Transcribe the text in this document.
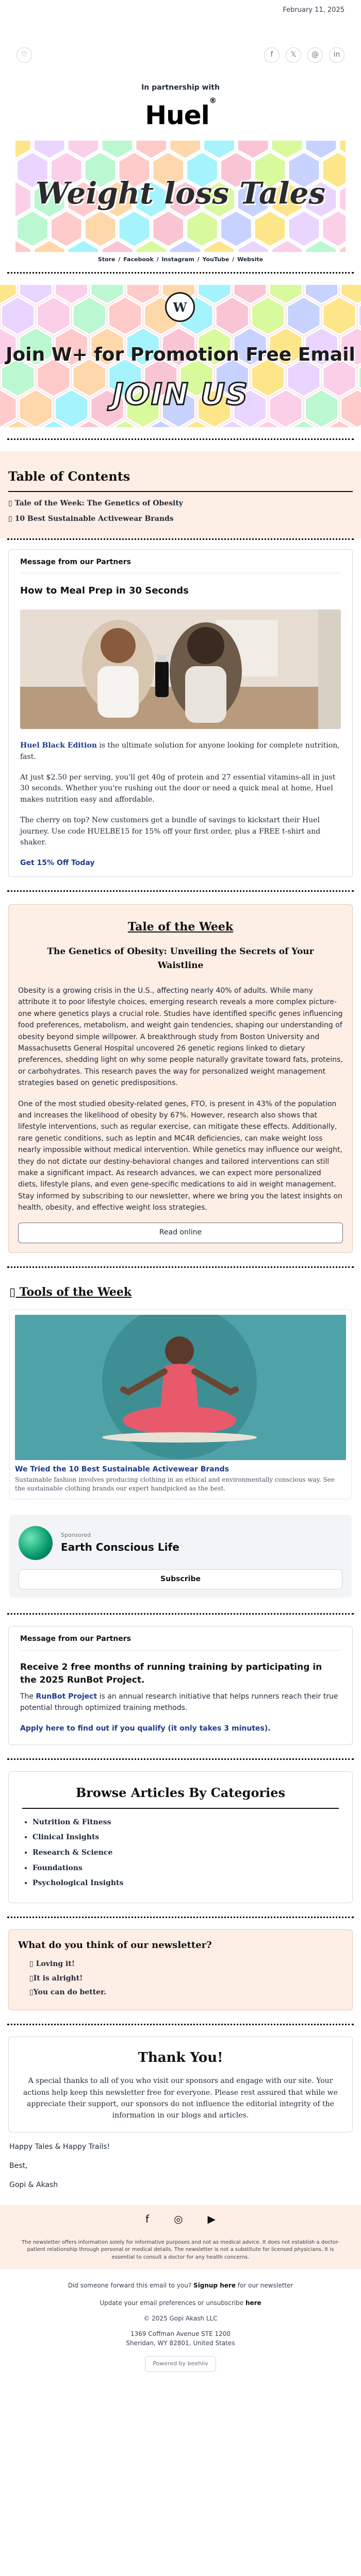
February 11, 2025
♡	f	𝕏	@	in
In partnership with
Huel®
Weight loss Tales
Store / Facebook / Instagram / YouTube / Website
W
Join W+ for Promotion Free Email
JOIN US
Table of Contents
▯ Tale of the Week: The Genetics of Obesity
▯ 10 Best Sustainable Activewear Brands
Message from our Partners
How to Meal Prep in 30 Seconds

Huel Black Edition is the ultimate solution for anyone looking for complete nutrition, fast.

At just $2.50 per serving, you'll get 40g of protein and 27 essential vitamins-all in just 30 seconds. Whether you're rushing out the door or need a quick meal at home, Huel makes nutrition easy and affordable.

The cherry on top? New customers get a bundle of savings to kickstart their Huel journey. Use code HUELBE15 for 15% off your first order, plus a FREE t-shirt and shaker.

Get 15% Off Today
Tale of the Week
The Genetics of Obesity: Unveiling the Secrets of Your Waistline

Obesity is a growing crisis in the U.S., affecting nearly 40% of adults. While many attribute it to poor lifestyle choices, emerging research reveals a more complex picture-one where genetics plays a crucial role. Studies have identified specific genes influencing food preferences, metabolism, and weight gain tendencies, shaping our understanding of obesity beyond simple willpower. A breakthrough study from Boston University and Massachusetts General Hospital uncovered 26 genetic regions linked to dietary preferences, shedding light on why some people naturally gravitate toward fats, proteins, or carbohydrates. This research paves the way for personalized weight management strategies based on genetic predispositions.

One of the most studied obesity-related genes, FTO, is present in 43% of the population and increases the likelihood of obesity by 67%. However, research also shows that lifestyle interventions, such as regular exercise, can mitigate these effects. Additionally, rare genetic conditions, such as leptin and MC4R deficiencies, can make weight loss nearly impossible without medical intervention. While genetics may influence our weight, they do not dictate our destiny-behavioral changes and tailored interventions can still make a significant impact. As research advances, we can expect more personalized diets, lifestyle plans, and even gene-specific medications to aid in weight management. Stay informed by subscribing to our newsletter, where we bring you the latest insights on health, obesity, and effective weight loss strategies.

Read online
▯ Tools of the Week
We Tried the 10 Best Sustainable Activewear Brands
Sustainable fashion involves producing clothing in an ethical and environmentally conscious way. See the sustainable clothing brands our expert handpicked as the best.
Sponsored
Earth Conscious Life
Subscribe
Message from our Partners
Receive 2 free months of running training by participating in the 2025 RunBot Project.

The RunBot Project is an annual research initiative that helps runners reach their true potential through optimized training methods.

Apply here to find out if you qualify (it only takes 3 minutes).
Browse Articles By Categories
• Nutrition & Fitness
• Clinical Insights
• Research & Science
• Foundations
• Psychological Insights
What do you think of our newsletter?
▯ Loving it!
▯It is alright!
▯You can do better.
Thank You!

A special thanks to all of you who visit our sponsors and engage with our site. Your actions help keep this newsletter free for everyone. Please rest assured that while we appreciate their support, our sponsors do not influence the editorial integrity of the information in our blogs and articles.

Happy Tales & Happy Trails!

Best,

Gopi & Akash

f ◎ ▶
The newsletter offers information solely for informative purposes and not as medical advice. It does not establish a doctor-patient relationship through personal or medical details. The newsletter is not a substitute for licensed physicians. It is essential to consult a doctor for any health concerns.

Did someone forward this email to you? Signup here for our newsletter

Update your email preferences or unsubscribe here

© 2025 Gopi Akash LLC

1369 Coffman Avenue STE 1200

Sheridan, WY 82801, United States

Powered by beehiiv
